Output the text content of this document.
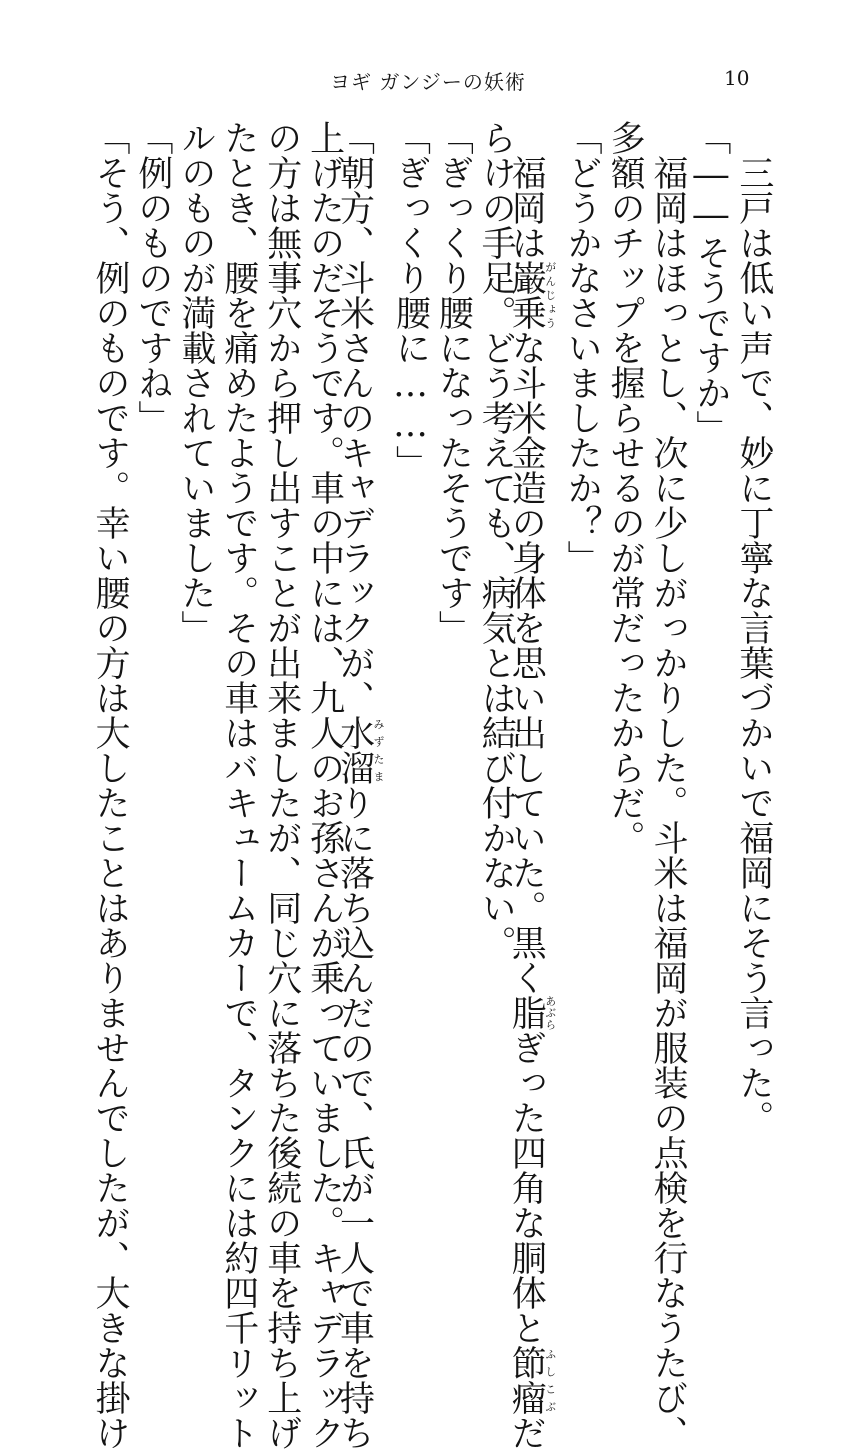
ヨギ ガンジーの妖術	10
　三戸は低い声で、妙に丁寧な言葉づかいで福岡にそう言った。
「――そうですか」
　福岡はほっとし、次に少しがっかりした。斗米は福岡が服装の点検を行なうたび、
多額のチップを握らせるのが常だったからだ。
「どうかなさいましたか？」
　福岡は巌乗がんじょうな斗米金造の身体を思い出していた。黒く脂あぶらぎった四角な胴体と節瘤ふしこぶだ
らけの手足。どう考えても、病気とは結び付かない。
「ぎっくり腰になったそうです」
「ぎっくり腰に……」
「朝方、斗米さんのキャデラックが、水溜みずたまりに落ち込んだので、氏が一人で車を持ち
上げたのだそうです。車の中には、九人のお孫さんが乗っていました。キャデラック
の方は無事穴から押し出すことが出来ましたが、同じ穴に落ちた後続の車を持ち上げ
たとき、腰を痛めたようです。その車はバキュームカーで、タンクには約四千リット
ルのものが満載されていました」
「例のものですね」
「そう、例のものです。幸い腰の方は大したことはありませんでしたが、大きな掛け
